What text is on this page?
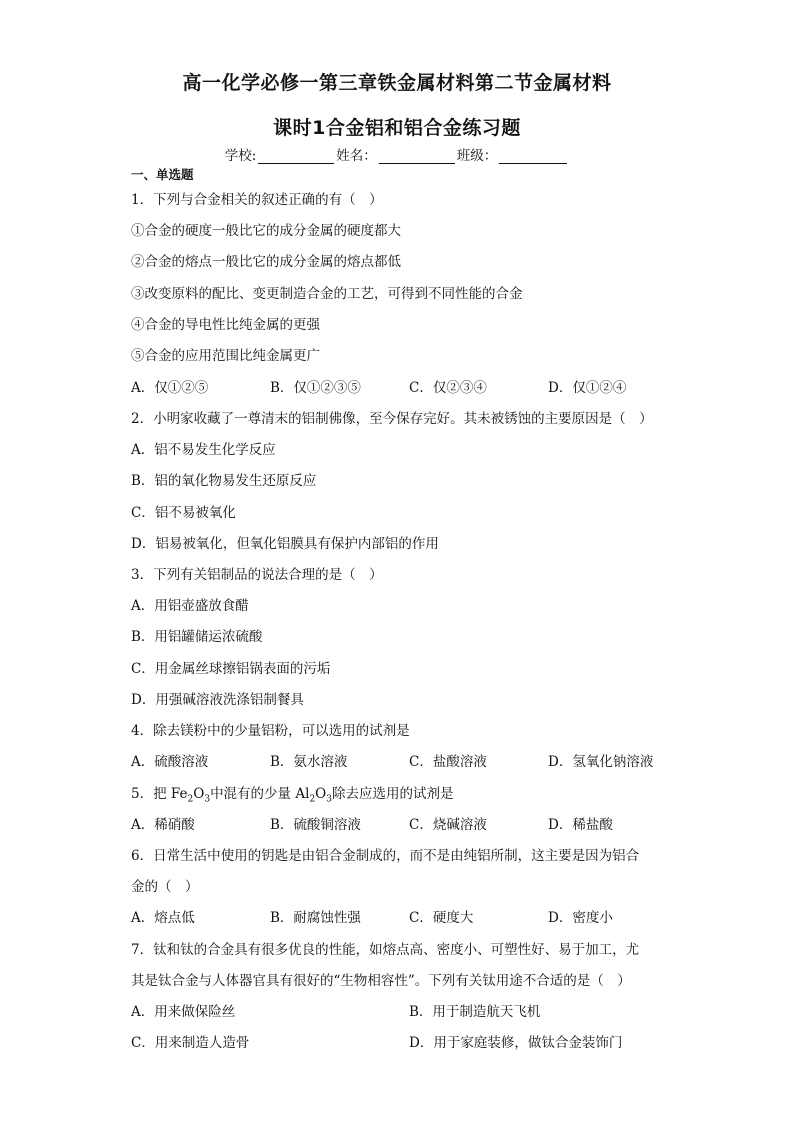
高一化学必修一第三章铁金属材料第二节金属材料
课时1合金铝和铝合金练习题
学校:	姓名：	班级：
一、单选题
1．下列与合金相关的叙述正确的有（　）
①合金的硬度一般比它的成分金属的硬度都大
②合金的熔点一般比它的成分金属的熔点都低
③改变原料的配比、变更制造合金的工艺，可得到不同性能的合金
④合金的导电性比纯金属的更强
⑤合金的应用范围比纯金属更广
A．仅①②⑤	B．仅①②③⑤	C．仅②③④	D．仅①②④
2．小明家收藏了一尊清末的铝制佛像，至今保存完好。其未被锈蚀的主要原因是（　）
A．铝不易发生化学反应
B．铝的氧化物易发生还原反应
C．铝不易被氧化
D．铝易被氧化，但氧化铝膜具有保护内部铝的作用
3．下列有关铝制品的说法合理的是（　）
A．用铝壶盛放食醋
B．用铝罐储运浓硫酸
C．用金属丝球擦铝锅表面的污垢
D．用强碱溶液洗涤铝制餐具
4．除去镁粉中的少量铝粉，可以选用的试剂是
A．硫酸溶液	B．氨水溶液	C．盐酸溶液	D．氢氧化钠溶液
5．把 $Fe_2O_3$中混有的少量 $Al_2O_3$除去应选用的试剂是
A．稀硝酸	B．硫酸铜溶液	C．烧碱溶液	D．稀盐酸
6．日常生活中使用的钥匙是由铝合金制成的，而不是由纯铝所制，这主要是因为铝合
金的（　）
A．熔点低	B．耐腐蚀性强	C．硬度大	D．密度小
7．钛和钛的合金具有很多优良的性能，如熔点高、密度小、可塑性好、易于加工，尤
其是钛合金与人体器官具有很好的“生物相容性”。下列有关钛用途不合适的是（　）
A．用来做保险丝	B．用于制造航天飞机
C．用来制造人造骨	D．用于家庭装修，做钛合金装饰门
